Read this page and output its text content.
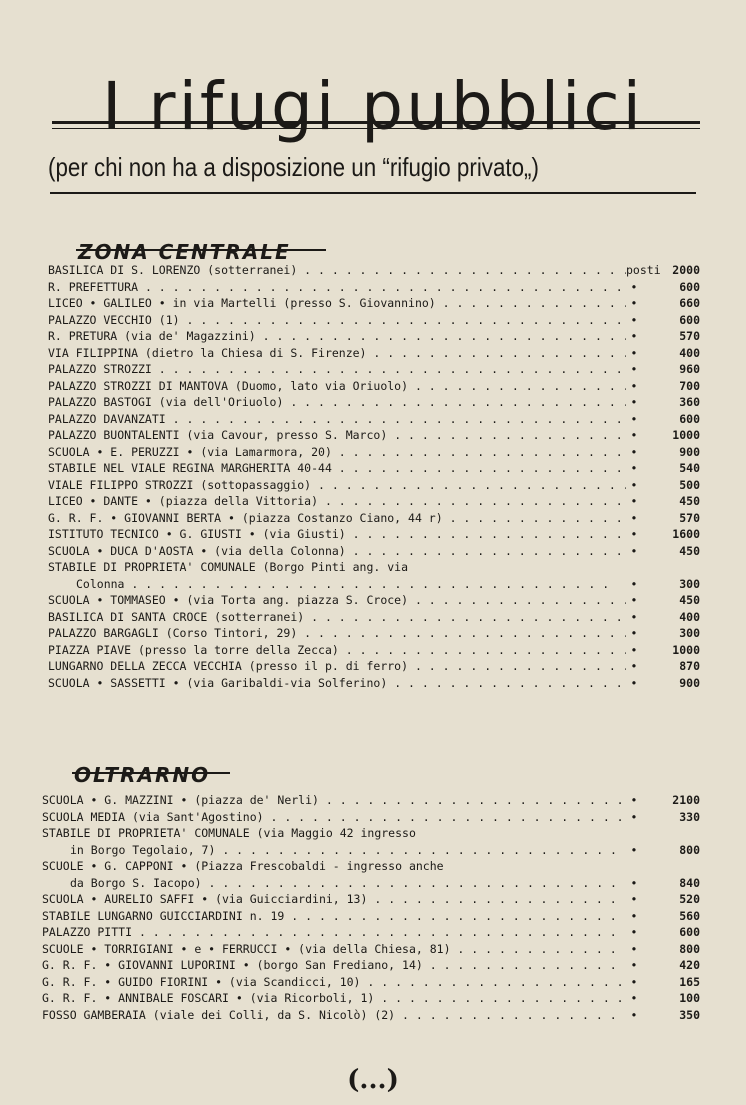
I rifugi pubblici
(per chi non ha a disposizione un “rifugio privato„)
ZONA CENTRALE
BASILICA DI S. LORENZO (sotterranei) . . .	posti	2000
R. PREFETTURA . . .	•	600
LICEO • GALILEO • in via Martelli (presso S. Giovannino) . . .	•	660
PALAZZO VECCHIO (1) . . .	•	600
R. PRETURA (via de' Magazzini) . . .	•	570
VIA FILIPPINA (dietro la Chiesa di S. Firenze) . . .	•	400
PALAZZO STROZZI . . .	•	960
PALAZZO STROZZI DI MANTOVA (Duomo, lato via Oriuolo) . . .	•	700
PALAZZO BASTOGI (via dell'Oriuolo) . . .	•	360
PALAZZO DAVANZATI . . .	•	600
PALAZZO BUONTALENTI (via Cavour, presso S. Marco) . . .	•	1000
SCUOLA • E. PERUZZI • (via Lamarmora, 20) . . .	•	900
STABILE NEL VIALE REGINA MARGHERITA 40-44 . . .	•	540
VIALE FILIPPO STROZZI (sottopassaggio) . . .	•	500
LICEO • DANTE • (piazza della Vittoria) . . .	•	450
G. R. F. • GIOVANNI BERTA • (piazza Costanzo Ciano, 44 r) . . .	•	570
ISTITUTO TECNICO • G. GIUSTI • (via Giusti) . . .	•	1600
SCUOLA • DUCA D'AOSTA • (via della Colonna) . . .	•	450
STABILE DI PROPRIETA' COMUNALE (Borgo Pinti ang. via
Colonna . . .	•	300
SCUOLA • TOMMASEO • (via Torta ang. piazza S. Croce) . . .	•	450
BASILICA DI SANTA CROCE (sotterranei) . . .	•	400
PALAZZO BARGAGLI (Corso Tintori, 29) . . .	•	300
PIAZZA PIAVE (presso la torre della Zecca) . . .	•	1000
LUNGARNO DELLA ZECCA VECCHIA (presso il p. di ferro) . . .	•	870
SCUOLA • SASSETTI • (via Garibaldi-via Solferino) . . .	•	900
OLTRARNO
SCUOLA • G. MAZZINI • (piazza de' Nerli) . . .	•	2100
SCUOLA MEDIA (via Sant'Agostino) . . .	•	330
STABILE DI PROPRIETA' COMUNALE (via Maggio 42 ingresso
in Borgo Tegolaio, 7) . . .	•	800
SCUOLE • G. CAPPONI • (Piazza Frescobaldi - ingresso anche
da Borgo S. Iacopo) . . .	•	840
SCUOLA • AURELIO SAFFI • (via Guicciardini, 13) . . .	•	520
STABILE LUNGARNO GUICCIARDINI n. 19 . . .	•	560
PALAZZO PITTI . . .	•	600
SCUOLE • TORRIGIANI • e • FERRUCCI • (via della Chiesa, 81) . . .	•	800
G. R. F. • GIOVANNI LUPORINI • (borgo San Frediano, 14) . . .	•	420
G. R. F. • GUIDO FIORINI • (via Scandicci, 10) . . .	•	165
G. R. F. • ANNIBALE FOSCARI • (via Ricorboli, 1) . . .	•	100
FOSSO GAMBERAIA (viale dei Colli, da S. Nicolò) (2) . . .	•	350
(...)
